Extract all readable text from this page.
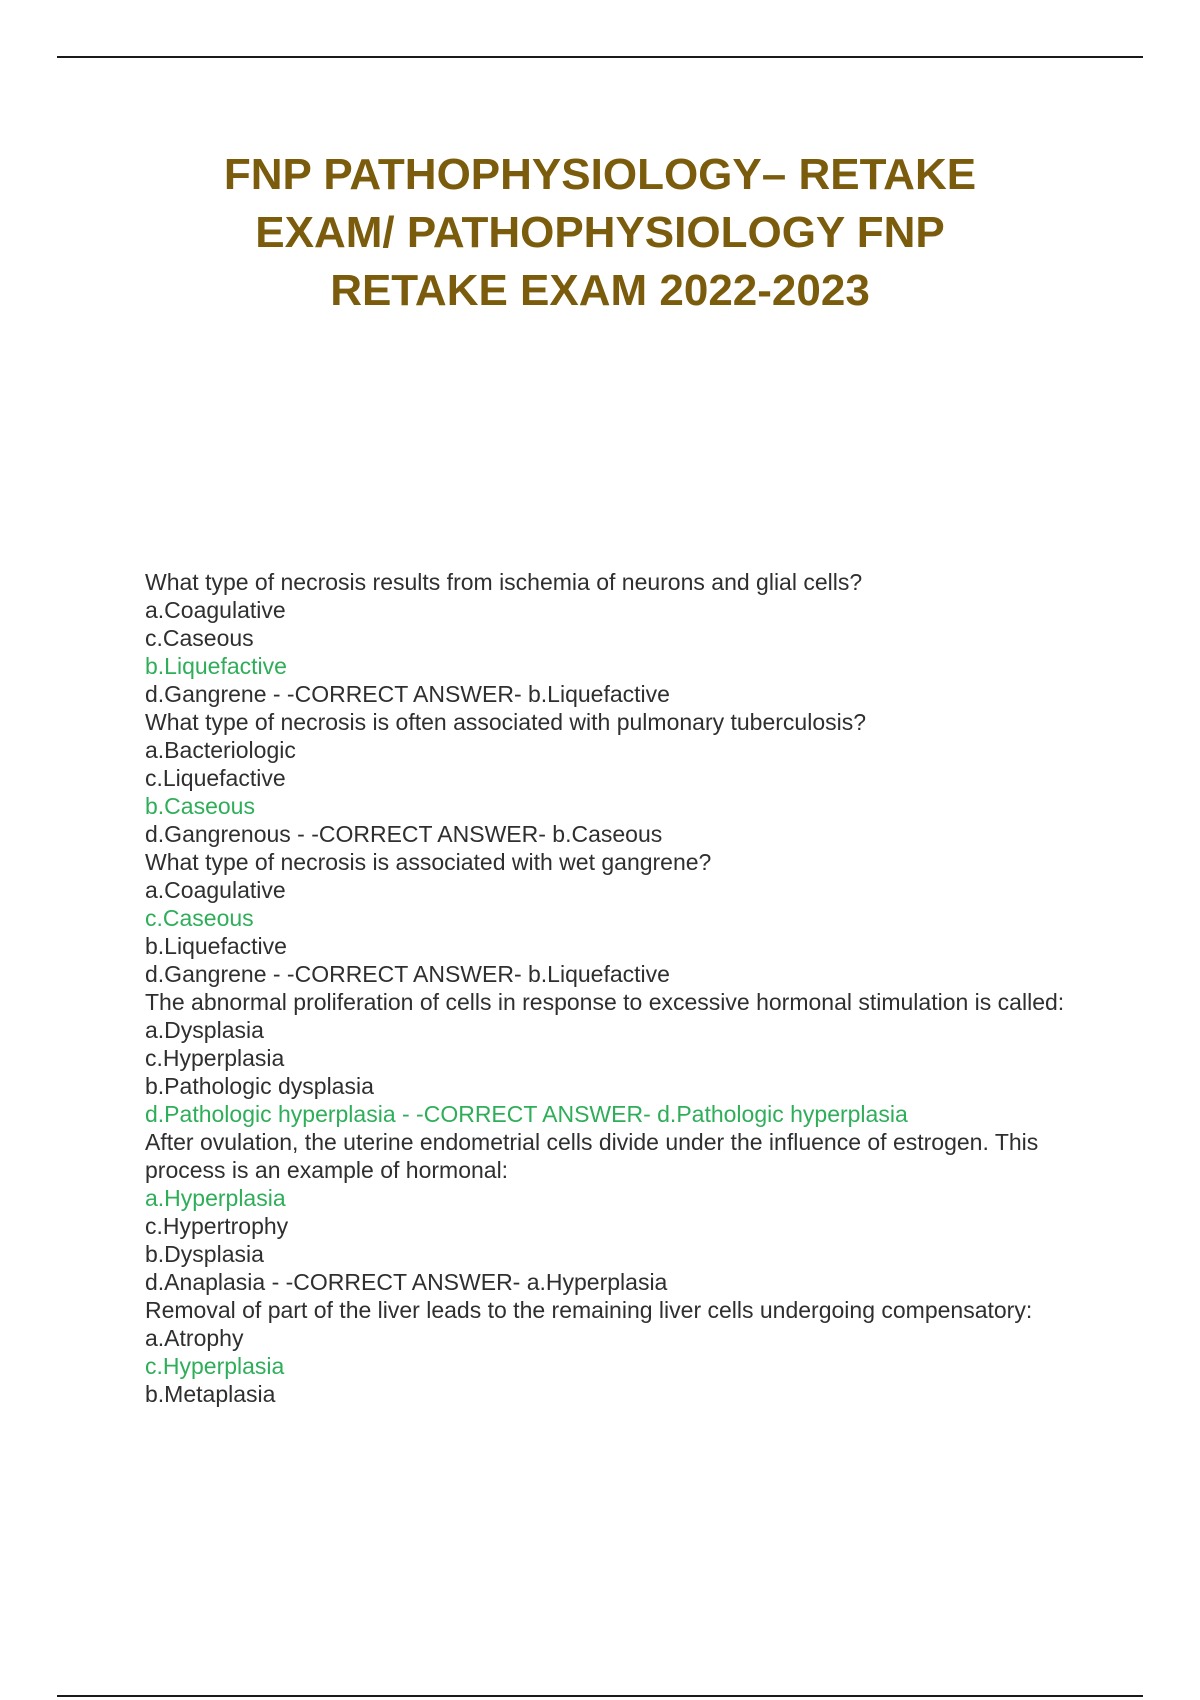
FNP PATHOPHYSIOLOGY– RETAKE
EXAM/ PATHOPHYSIOLOGY FNP
RETAKE EXAM 2022-2023
What type of necrosis results from ischemia of neurons and glial cells?
a.Coagulative
c.Caseous
b.Liquefactive
d.Gangrene - -CORRECT ANSWER- b.Liquefactive
What type of necrosis is often associated with pulmonary tuberculosis?
a.Bacteriologic
c.Liquefactive
b.Caseous
d.Gangrenous - -CORRECT ANSWER- b.Caseous
What type of necrosis is associated with wet gangrene?
a.Coagulative
c.Caseous
b.Liquefactive
d.Gangrene - -CORRECT ANSWER- b.Liquefactive
The abnormal proliferation of cells in response to excessive hormonal stimulation is called:
a.Dysplasia
c.Hyperplasia
b.Pathologic dysplasia
d.Pathologic hyperplasia - -CORRECT ANSWER- d.Pathologic hyperplasia
After ovulation, the uterine endometrial cells divide under the influence of estrogen. This process is an example of hormonal:
a.Hyperplasia
c.Hypertrophy
b.Dysplasia
d.Anaplasia - -CORRECT ANSWER- a.Hyperplasia
Removal of part of the liver leads to the remaining liver cells undergoing compensatory:
a.Atrophy
c.Hyperplasia
b.Metaplasia
